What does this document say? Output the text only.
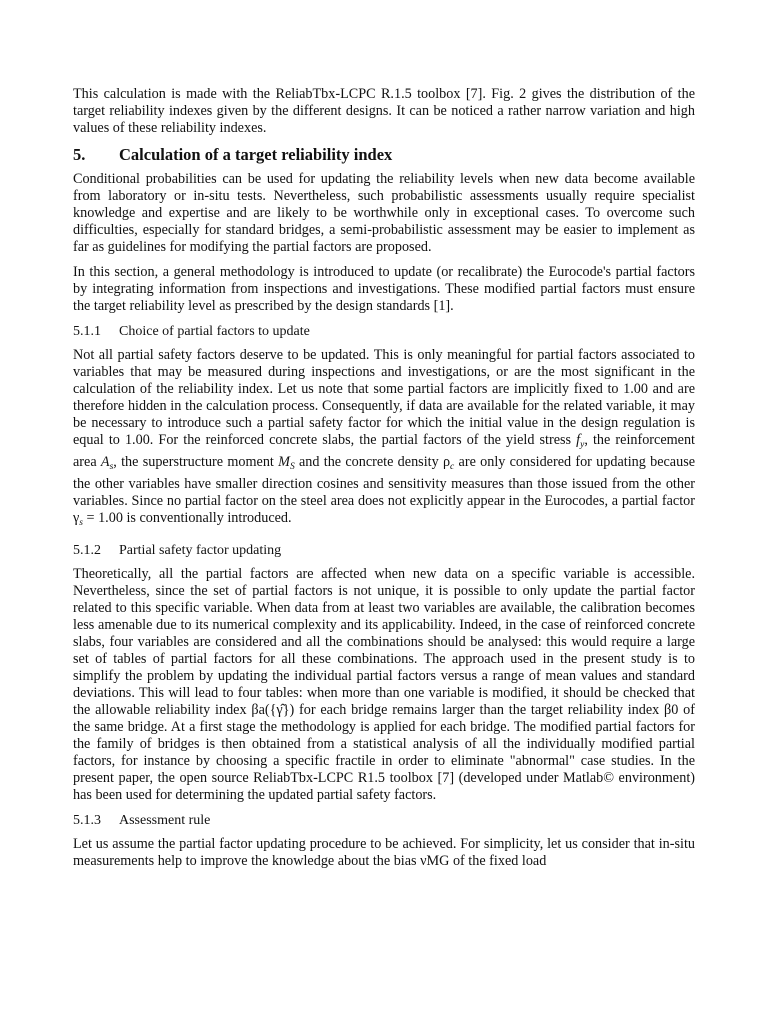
This calculation is made with the ReliabTbx-LCPC R.1.5 toolbox [7]. Fig. 2 gives the distribution of the target reliability indexes given by the different designs. It can be noticed a rather narrow variation and high values of these reliability indexes.

5.	Calculation of a target reliability index

Conditional probabilities can be used for updating the reliability levels when new data become available from laboratory or in-situ tests. Nevertheless, such probabilistic assessments usually require specialist knowledge and expertise and are likely to be worthwhile only in exceptional cases. To overcome such difficulties, especially for standard bridges, a semi-probabilistic assessment may be easier to implement as far as guidelines for modifying the partial factors are proposed.

In this section, a general methodology is introduced to update (or recalibrate) the Eurocode's partial factors by integrating information from inspections and investigations. These modified partial factors must ensure the target reliability level as prescribed by the design standards [1].

5.1.1	Choice of partial factors to update

Not all partial safety factors deserve to be updated. This is only meaningful for partial factors associated to variables that may be measured during inspections and investigations, or are the most significant in the calculation of the reliability index. Let us note that some partial factors are implicitly fixed to 1.00 and are therefore hidden in the calculation process. Consequently, if data are available for the related variable, it may be necessary to introduce such a partial safety factor for which the initial value in the design regulation is equal to 1.00. For the reinforced concrete slabs, the partial factors of the yield stress $f_y$, the reinforcement area $A_s$, the superstructure moment $M_S$ and the concrete density $\rho_c$ are only considered for updating because the other variables have smaller direction cosines and sensitivity measures than those issued from the other variables. Since no partial factor on the steel area does not explicitly appear in the Eurocodes, a partial factor $\gamma_s = 1.00$ is conventionally introduced.

5.1.2	Partial safety factor updating

Theoretically, all the partial factors are affected when new data on a specific variable is accessible. Nevertheless, since the set of partial factors is not unique, it is possible to only update the partial factor related to this specific variable. When data from at least two variables are available, the calibration becomes less amenable due to its numerical complexity and its applicability. Indeed, in the case of reinforced concrete slabs, four variables are considered and all the combinations should be analysed: this would require a large set of tables of partial factors for all these combinations. The approach used in the present study is to simplify the problem by updating the individual partial factors versus a range of mean values and standard deviations. This will lead to four tables: when more than one variable is modified, it should be checked that the allowable reliability index βa({γ̂}) for each bridge remains larger than the target reliability index β0 of the same bridge. At a first stage the methodology is applied for each bridge. The modified partial factors for the family of bridges is then obtained from a statistical analysis of all the individually modified partial factors, for instance by choosing a specific fractile in order to eliminate "abnormal" case studies. In the present paper, the open source ReliabTbx-LCPC R1.5 toolbox [7] (developed under Matlab© environment) has been used for determining the updated partial safety factors.

5.1.3	Assessment rule

Let us assume the partial factor updating procedure to be achieved. For simplicity, let us consider that in-situ measurements help to improve the knowledge about the bias νMG of the fixed load
